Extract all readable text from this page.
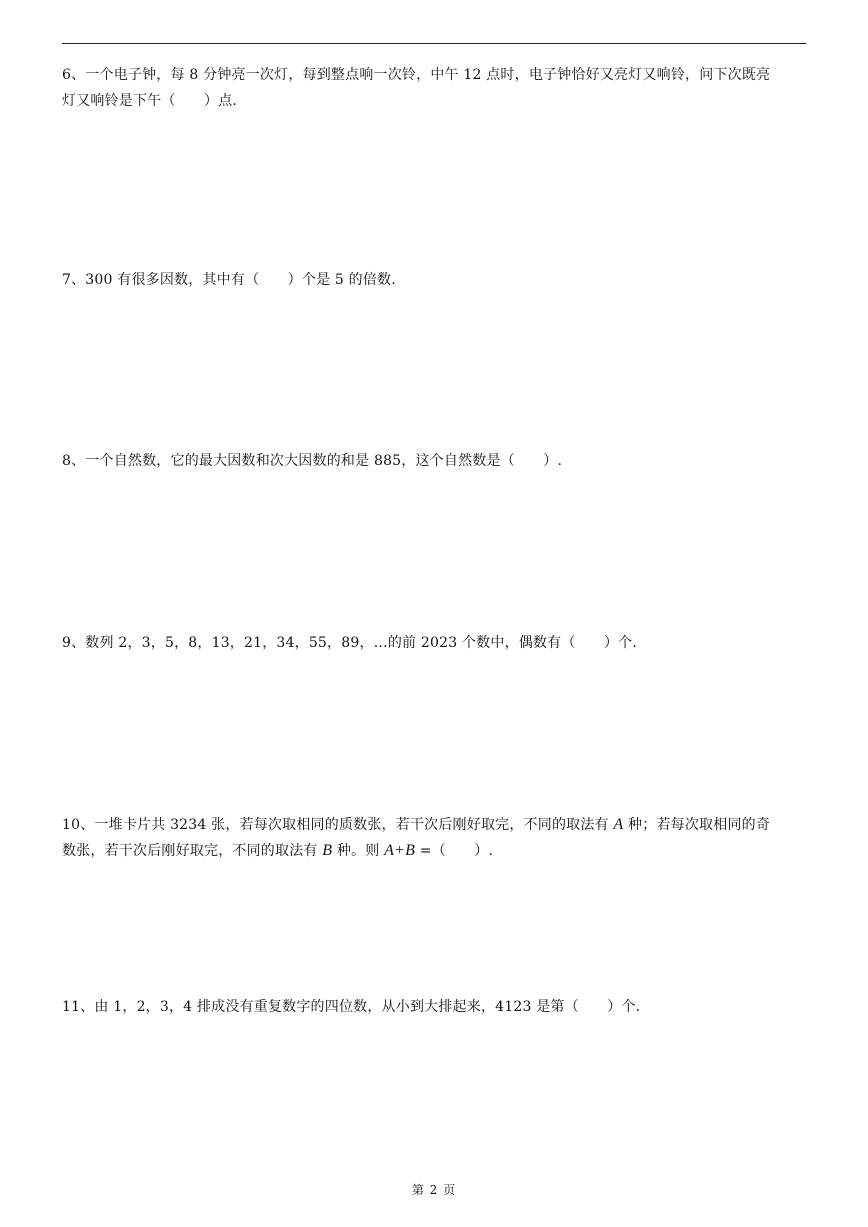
6、一个电子钟，每 8 分钟亮一次灯，每到整点响一次铃，中午 12 点时，电子钟恰好又亮灯又响铃，问下次既亮
灯又响铃是下午（　　）点.
7、300 有很多因数，其中有（　　）个是 5 的倍数.
8、一个自然数，它的最大因数和次大因数的和是 885，这个自然数是（　　）.
9、数列 2，3，5，8，13，21，34，55，89，…的前 2023 个数中，偶数有（　　）个.
10、一堆卡片共 3234 张，若每次取相同的质数张，若干次后刚好取完，不同的取法有 A 种；若每次取相同的奇
数张，若干次后刚好取完，不同的取法有 B 种。则 A+B =（　　）.
11、由 1，2，3，4 排成没有重复数字的四位数，从小到大排起来，4123 是第（　　）个.
第 2 页
